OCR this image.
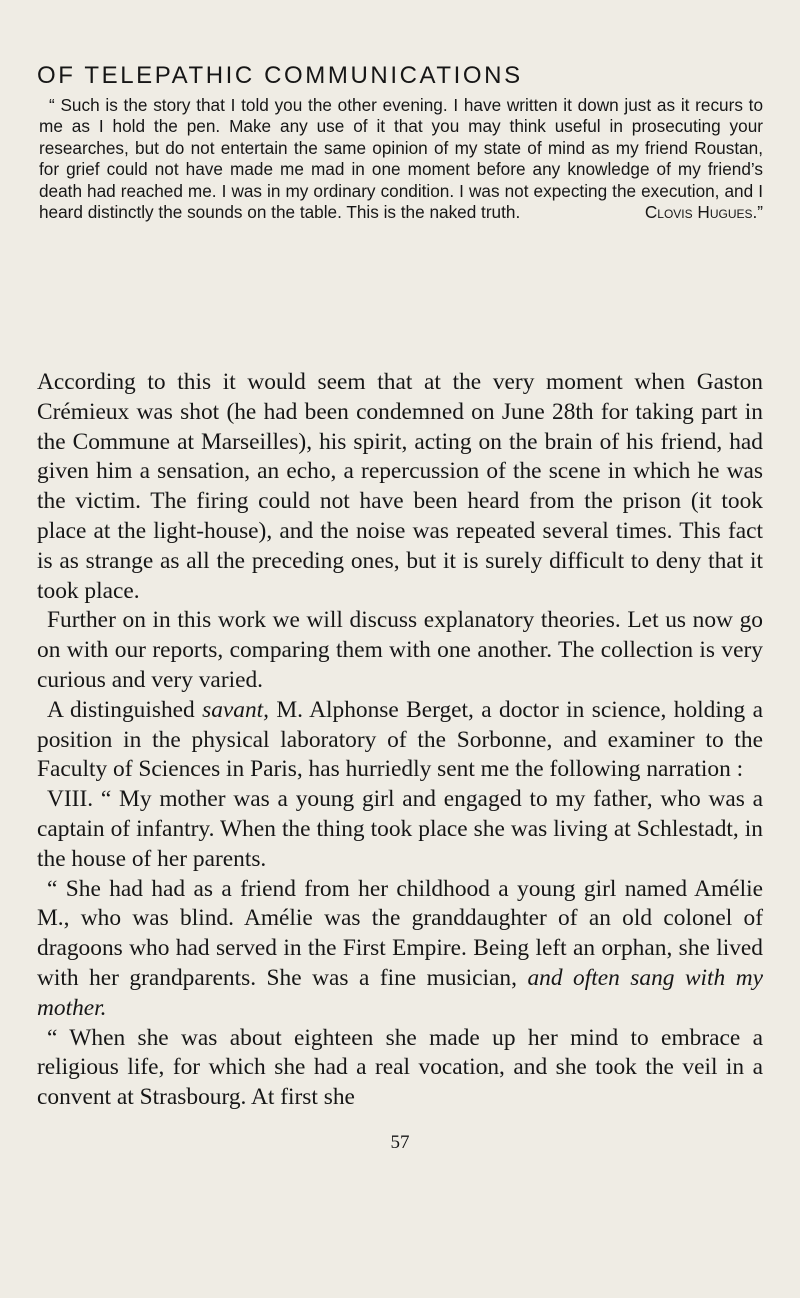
OF TELEPATHIC COMMUNICATIONS

“ Such is the story that I told you the other evening. I have written it down just as it recurs to me as I hold the pen. Make any use of it that you may think useful in prosecuting your researches, but do not entertain the same opinion of my state of mind as my friend Roustan, for grief could not have made me mad in one moment before any knowledge of my friend’s death had reached me. I was in my ordinary condition. I was not expecting the execution, and I heard distinctly the sounds on the table. This is the naked truth.	Clovis Hugues.”

According to this it would seem that at the very moment when Gaston Crémieux was shot (he had been condemned on June 28th for taking part in the Commune at Marseilles), his spirit, acting on the brain of his friend, had given him a sensation, an echo, a repercussion of the scene in which he was the victim. The firing could not have been heard from the prison (it took place at the light-house), and the noise was repeated several times. This fact is as strange as all the preceding ones, but it is surely difficult to deny that it took place.

Further on in this work we will discuss explanatory theories. Let us now go on with our reports, comparing them with one another. The collection is very curious and very varied.

A distinguished savant, M. Alphonse Berget, a doctor in science, holding a position in the physical laboratory of the Sorbonne, and examiner to the Faculty of Sciences in Paris, has hurriedly sent me the following narration :

VIII. “ My mother was a young girl and engaged to my father, who was a captain of infantry. When the thing took place she was living at Schlestadt, in the house of her parents.

“ She had had as a friend from her childhood a young girl named Amélie M., who was blind. Amélie was the granddaughter of an old colonel of dragoons who had served in the First Empire. Being left an orphan, she lived with her grandparents. She was a fine musician, and often sang with my mother.

“ When she was about eighteen she made up her mind to embrace a religious life, for which she had a real vocation, and she took the veil in a convent at Strasbourg. At first she

57
